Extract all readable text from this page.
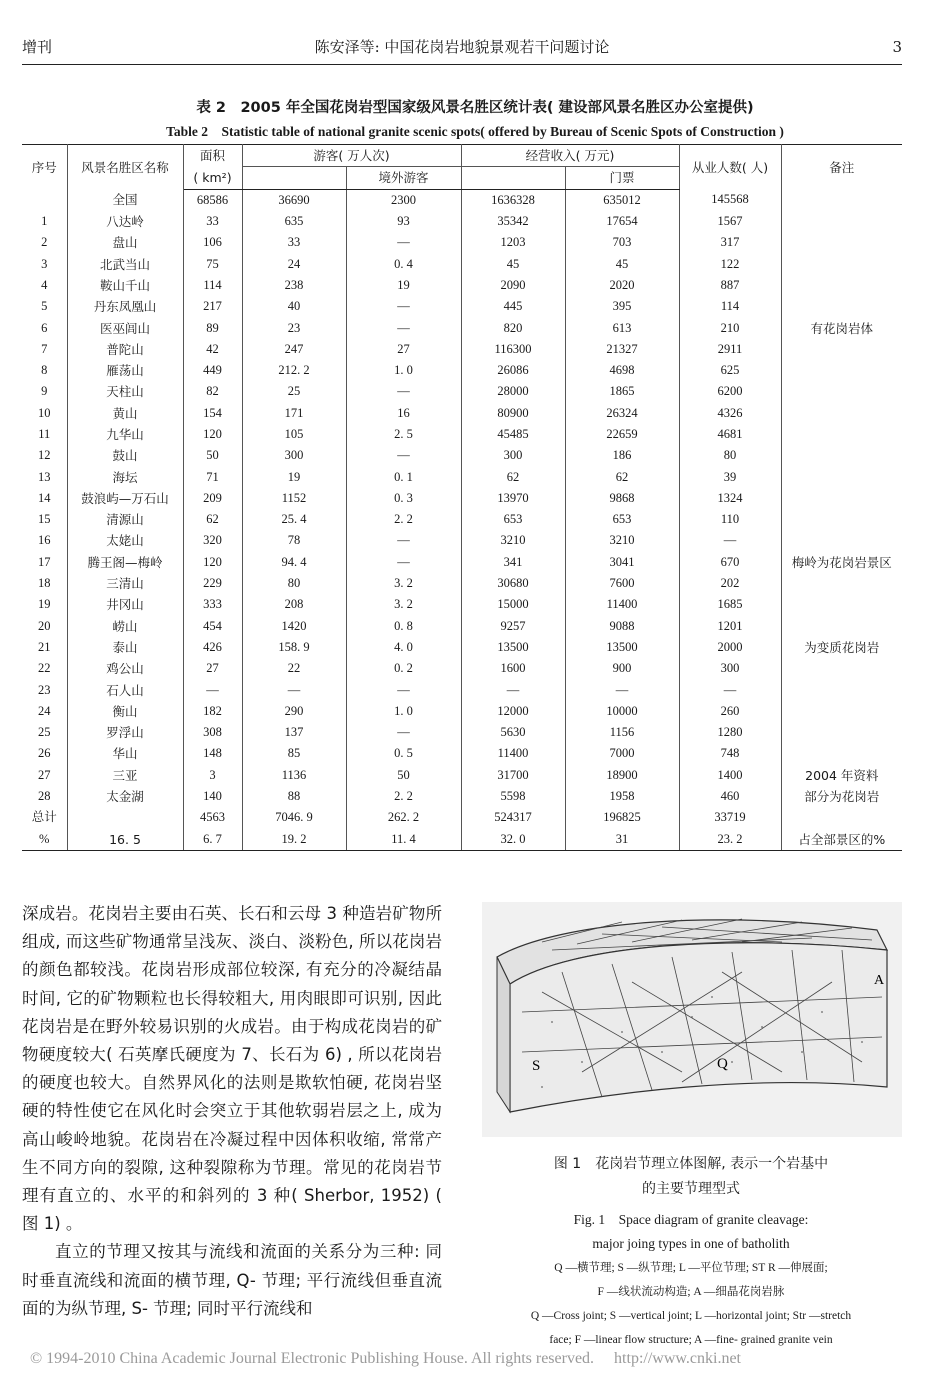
增刊	陈安泽等: 中国花岗岩地貌景观若干问题讨论	3
表 2　2005 年全国花岗岩型国家级风景名胜区统计表( 建设部风景名胜区办公室提供)
Table 2　Statistic table of national granite scenic spots( offered by Bureau of Scenic Spots of Construction )
序号	风景名胜区名称	面积	游客( 万人次)		经营收入( 万元)		从业人数( 人)	备注
		( km²)		境外游客		门票		
	全国	68586	36690	2300	1636328	635012	145568	
1	八达岭	33	635	93	35342	17654	1567	有花岗岩体
2	盘山	106	33	—	1203	703	317	
3	北武当山	75	24	0. 4	45	45	122	
4	鞍山千山	114	238	19	2090	2020	887	
5	丹东凤凰山	217	40	—	445	395	114	
6	医巫闾山	89	23	—	820	613	210	
7	普陀山	42	247	27	116300	21327	2911	
8	雁荡山	449	212. 2	1. 0	26086	4698	625	
9	天柱山	82	25	—	28000	1865	6200	
10	黄山	154	171	16	80900	26324	4326	
11	九华山	120	105	2. 5	45485	22659	4681	
12	鼓山	50	300	—	300	186	80	
13	海坛	71	19	0. 1	62	62	39	
14	鼓浪屿—万石山	209	1152	0. 3	13970	9868	1324	
15	清源山	62	25. 4	2. 2	653	653	110	
16	太姥山	320	78	—	3210	3210	—	
17	腾王阁—梅岭	120	94. 4	—	341	3041	670	梅岭为花岗岩景区
18	三清山	229	80	3. 2	30680	7600	202	
19	井冈山	333	208	3. 2	15000	11400	1685	
20	崂山	454	1420	0. 8	9257	9088	1201	
21	泰山	426	158. 9	4. 0	13500	13500	2000	为变质花岗岩
22	鸡公山	27	22	0. 2	1600	900	300	
23	石人山	—	—	—	—	—	—	
24	衡山	182	290	1. 0	12000	10000	260	
25	罗浮山	308	137	—	5630	1156	1280	
26	华山	148	85	0. 5	11400	7000	748	
27	三亚	3	1136	50	31700	18900	1400	2004 年资料
28	太金湖	140	88	2. 2	5598	1958	460	部分为花岗岩
总计		4563	7046. 9	262. 2	524317	196825	33719	
%	16. 5	6. 7	19. 2	11. 4	32. 0	31	23. 2	占全部景区的%

深成岩。花岗岩主要由石英、长石和云母 3 种造岩矿物所组成, 而这些矿物通常呈浅灰、淡白、淡粉色, 所以花岗岩的颜色都较浅。花岗岩形成部位较深, 有充分的冷凝结晶时间, 它的矿物颗粒也长得较粗大, 用肉眼即可识别, 因此花岗岩是在野外较易识别的火成岩。由于构成花岗岩的矿物硬度较大( 石英摩氏硬度为 7、长石为 6) , 所以花岗岩的硬度也较大。自然界风化的法则是欺软怕硬, 花岗岩坚硬的特性使它在风化时会突立于其他软弱岩层之上, 成为高山峻岭地貌。花岗岩在冷凝过程中因体积收缩, 常常产生不同方向的裂隙, 这种裂隙称为节理。常见的花岗岩节理有直立的、水平的和斜列的 3 种( Sherbor, 1952) ( 图 1) 。

直立的节理又按其与流线和流面的关系分为三种: 同时垂直流线和流面的横节理, Q- 节理; 平行流线但垂直流面的为纵节理, S- 节理; 同时平行流线和

S	Q
A
图 1　花岗岩节理立体图解, 表示一个岩基中
的主要节理型式
Fig. 1　Space diagram of granite cleavage:
major joing types in one of batholith
Q —横节理; S —纵节理; L —平位节理; ST R —伸展面;
F —线状流动构造; A —细晶花岗岩脉
Q —Cross joint; S —vertical joint; L —horizontal joint; Str —stretch
face; F —linear flow structure; A —fine- grained granite vein
© 1994-2010 China Academic Journal Electronic Publishing House. All rights reserved.　 http://www.cnki.net
